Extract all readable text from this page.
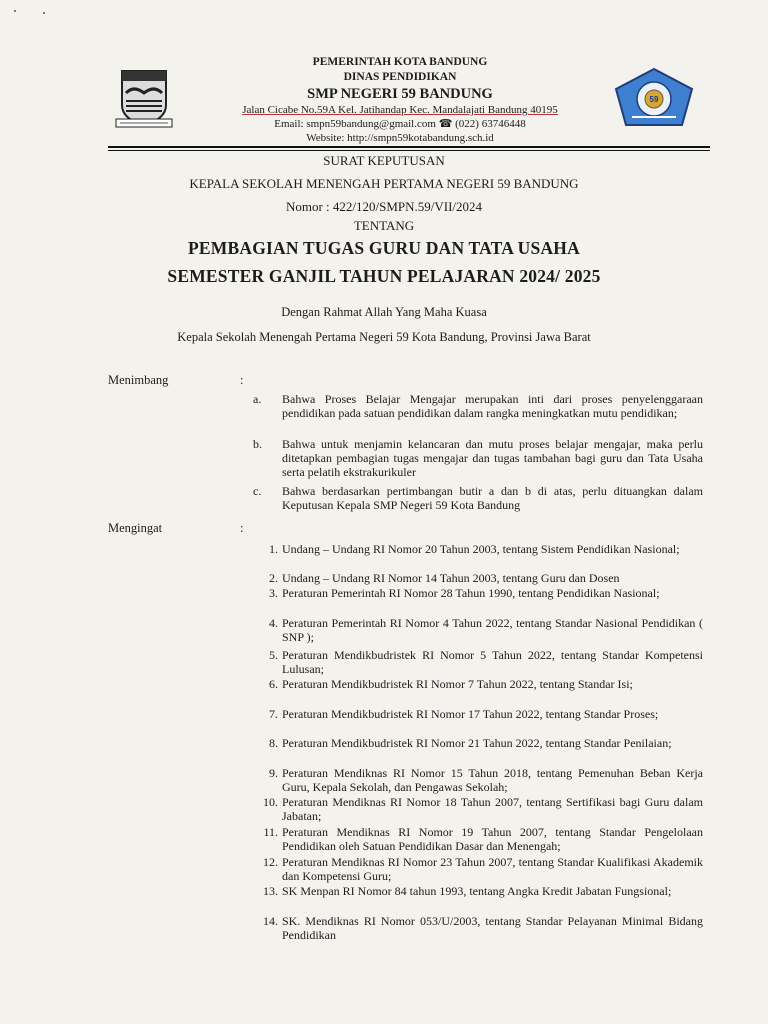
PEMERINTAH KOTA BANDUNG
DINAS PENDIDIKAN
SMP NEGERI 59 BANDUNG
Jalan Cicabe No.59A Kel. Jatihandap Kec. Mandalajati Bandung 40195
Email: smpn59bandung@gmail.com ☎ (022) 63746448
Website: http://smpn59kotabandung.sch.id
59
SURAT KEPUTUSAN
KEPALA SEKOLAH MENENGAH PERTAMA NEGERI 59 BANDUNG
Nomor : 422/120/SMPN.59/VII/2024
TENTANG
PEMBAGIAN TUGAS GURU DAN TATA USAHA
SEMESTER GANJIL TAHUN PELAJARAN 2024/ 2025
Dengan Rahmat Allah Yang Maha Kuasa
Kepala Sekolah Menengah Pertama Negeri 59 Kota Bandung, Provinsi Jawa Barat
Menimbang	:
a.	Bahwa Proses Belajar Mengajar merupakan inti dari proses penyelenggaraan pendidikan pada satuan pendidikan dalam rangka meningkatkan mutu pendidikan;
b.	Bahwa untuk menjamin kelancaran dan mutu proses belajar mengajar, maka perlu ditetapkan pembagian tugas mengajar dan tugas tambahan bagi guru dan Tata Usaha serta pelatih ekstrakurikuler
c.	Bahwa berdasarkan pertimbangan butir a dan b di atas, perlu dituangkan dalam Keputusan Kepala SMP Negeri 59 Kota Bandung
Mengingat	:
1. Undang – Undang RI Nomor 20 Tahun 2003, tentang Sistem Pendidikan Nasional;
2. Undang – Undang RI Nomor 14 Tahun 2003, tentang Guru dan Dosen
3. Peraturan Pemerintah RI Nomor 28 Tahun 1990, tentang Pendidikan Nasional;
4. Peraturan Pemerintah RI Nomor 4 Tahun 2022, tentang Standar Nasional Pendidikan ( SNP );
5. Peraturan Mendikbudristek RI Nomor 5 Tahun 2022, tentang Standar Kompetensi Lulusan;
6. Peraturan Mendikbudristek RI Nomor 7 Tahun 2022, tentang Standar Isi;
7. Peraturan Mendikbudristek RI Nomor 17 Tahun 2022, tentang Standar Proses;
8. Peraturan Mendikbudristek RI Nomor 21 Tahun 2022, tentang Standar Penilaian;
9. Peraturan Mendiknas RI Nomor 15 Tahun 2018, tentang Pemenuhan Beban Kerja Guru, Kepala Sekolah, dan Pengawas Sekolah;
10. Peraturan Mendiknas RI Nomor 18 Tahun 2007, tentang Sertifikasi bagi Guru dalam Jabatan;
11. Peraturan Mendiknas RI Nomor 19 Tahun 2007, tentang Standar Pengelolaan Pendidikan oleh Satuan Pendidikan Dasar dan Menengah;
12. Peraturan Mendiknas RI Nomor 23 Tahun 2007, tentang Standar Kualifikasi Akademik dan Kompetensi Guru;
13. SK Menpan RI Nomor 84 tahun 1993, tentang Angka Kredit Jabatan Fungsional;
14. SK. Mendiknas RI Nomor 053/U/2003, tentang Standar Pelayanan Minimal Bidang Pendidikan
